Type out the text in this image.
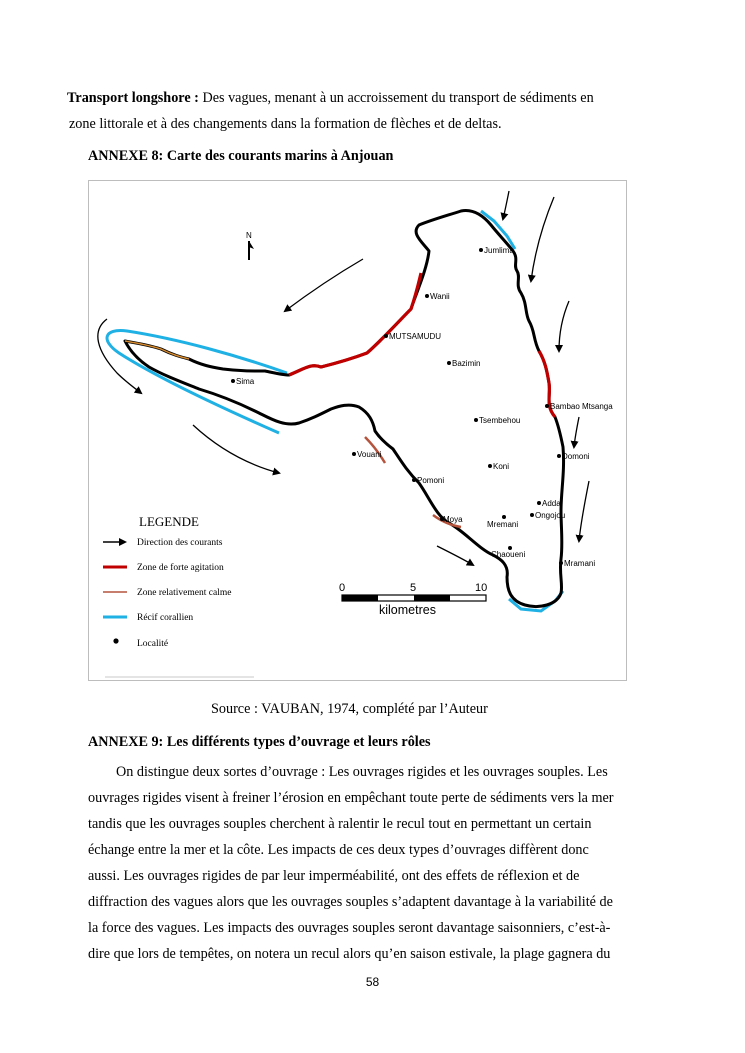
Transport longshore : Des vagues, menant à un accroissement du transport de sédiments en
zone littorale et à des changements dans la formation de flèches et de deltas.
ANNEXE 8: Carte des courants marins à Anjouan
N
Jumlima
Wanii
MUTSAMUDU
Bazimin
Sima
Bambao Mtsanga
Tsembehou
Vouani
Koni
Domoni
Pomoni
Adda
Ongojou
Moya
Mremani
Chaoueni
Mramani
LEGENDE
Direction des courants
Zone de forte agitation
Zone relativement calme
Récif corallien
Localité
0	5	10
kilometres
Source : VAUBAN, 1974, complété par l’Auteur
ANNEXE 9: Les différents types d’ouvrage et leurs rôles
On distingue deux sortes d’ouvrage : Les ouvrages rigides et les ouvrages souples. Les
ouvrages rigides visent à freiner l’érosion en empêchant toute perte de sédiments vers la mer
tandis que les ouvrages souples cherchent à ralentir le recul tout en permettant un certain
échange entre la mer et la côte. Les impacts de ces deux types d’ouvrages diffèrent donc
aussi. Les ouvrages rigides de par leur imperméabilité, ont des effets de réflexion et de
diffraction des vagues alors que les ouvrages souples s’adaptent davantage à la variabilité de
la force des vagues. Les impacts des ouvrages souples seront davantage saisonniers, c’est-à-
dire que lors de tempêtes, on notera un recul alors qu’en saison estivale, la plage gagnera du
58
